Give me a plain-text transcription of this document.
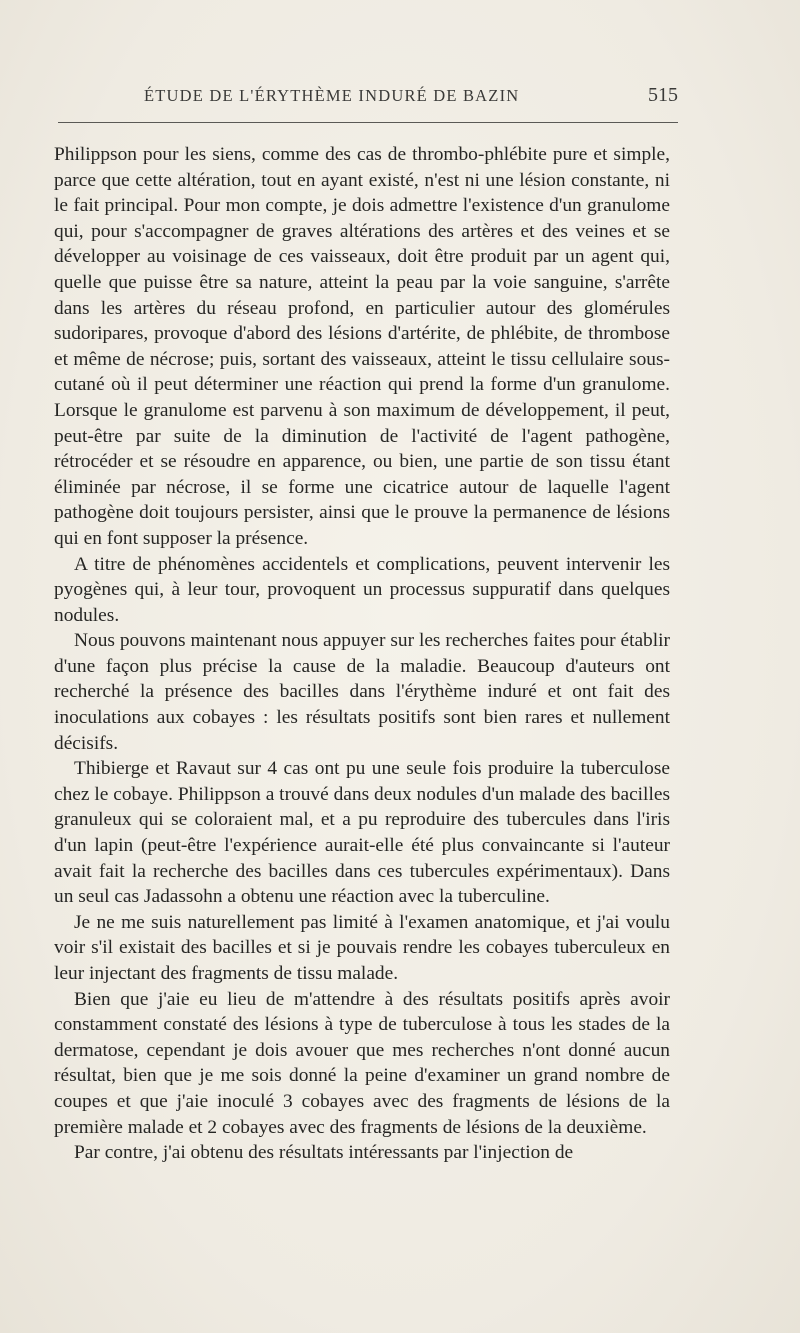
ÉTUDE DE L'ÉRYTHÈME INDURÉ DE BAZIN	515

Philippson pour les siens, comme des cas de thrombo-phlébite pure et simple, parce que cette altération, tout en ayant existé, n'est ni une lésion constante, ni le fait principal. Pour mon compte, je dois admettre l'existence d'un granulome qui, pour s'accompagner de graves altérations des artères et des veines et se développer au voisinage de ces vaisseaux, doit être produit par un agent qui, quelle que puisse être sa nature, atteint la peau par la voie sanguine, s'arrête dans les artères du réseau profond, en particulier autour des glomérules sudoripares, provoque d'abord des lésions d'artérite, de phlébite, de thrombose et même de nécrose; puis, sortant des vaisseaux, atteint le tissu cellulaire sous-cutané où il peut déterminer une réaction qui prend la forme d'un granulome. Lorsque le granulome est parvenu à son maximum de développement, il peut, peut-être par suite de la diminution de l'activité de l'agent pathogène, rétrocéder et se résoudre en apparence, ou bien, une partie de son tissu étant éliminée par nécrose, il se forme une cicatrice autour de laquelle l'agent pathogène doit toujours persister, ainsi que le prouve la permanence de lésions qui en font supposer la présence.

A titre de phénomènes accidentels et complications, peuvent intervenir les pyogènes qui, à leur tour, provoquent un processus suppuratif dans quelques nodules.

Nous pouvons maintenant nous appuyer sur les recherches faites pour établir d'une façon plus précise la cause de la maladie. Beaucoup d'auteurs ont recherché la présence des bacilles dans l'érythème induré et ont fait des inoculations aux cobayes : les résultats positifs sont bien rares et nullement décisifs.

Thibierge et Ravaut sur 4 cas ont pu une seule fois produire la tuberculose chez le cobaye. Philippson a trouvé dans deux nodules d'un malade des bacilles granuleux qui se coloraient mal, et a pu reproduire des tubercules dans l'iris d'un lapin (peut-être l'expérience aurait-elle été plus convaincante si l'auteur avait fait la recherche des bacilles dans ces tubercules expérimentaux). Dans un seul cas Jadassohn a obtenu une réaction avec la tuberculine.

Je ne me suis naturellement pas limité à l'examen anatomique, et j'ai voulu voir s'il existait des bacilles et si je pouvais rendre les cobayes tuberculeux en leur injectant des fragments de tissu malade.

Bien que j'aie eu lieu de m'attendre à des résultats positifs après avoir constamment constaté des lésions à type de tuberculose à tous les stades de la dermatose, cependant je dois avouer que mes recherches n'ont donné aucun résultat, bien que je me sois donné la peine d'examiner un grand nombre de coupes et que j'aie inoculé 3 cobayes avec des fragments de lésions de la première malade et 2 cobayes avec des fragments de lésions de la deuxième.

Par contre, j'ai obtenu des résultats intéressants par l'injection de
